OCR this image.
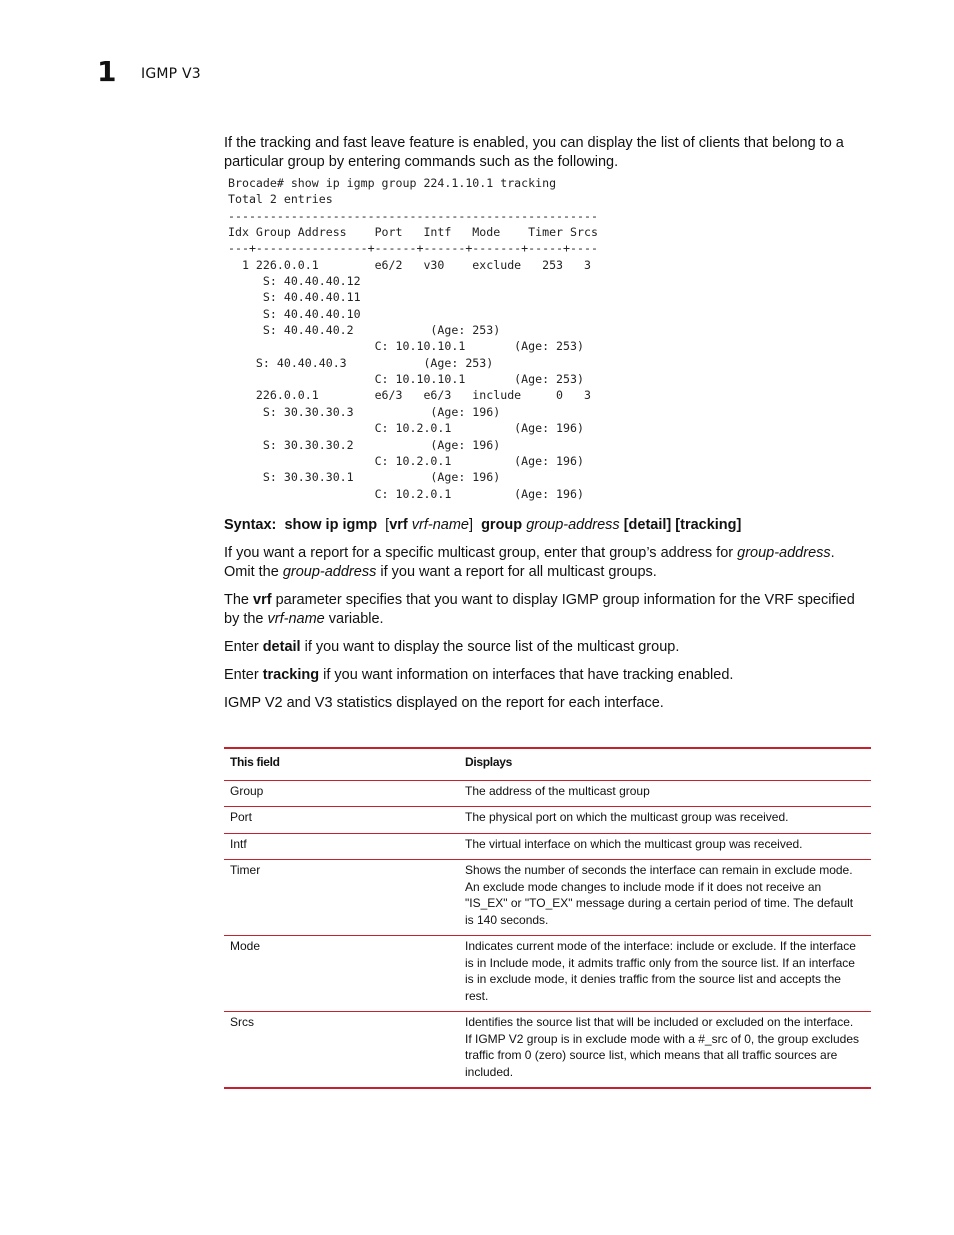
1 IGMP V3

If the tracking and fast leave feature is enabled, you can display the list of clients that belong to a particular group by entering commands such as the following.

Brocade# show ip igmp group 224.1.10.1 tracking
Total 2 entries
-----------------------------------------------------
Idx Group Address    Port   Intf   Mode    Timer Srcs
---+----------------+------+------+-------+-----+----
1 226.0.0.1        e6/2   v30    exclude   253   3
S: 40.40.40.12
S: 40.40.40.11
S: 40.40.40.10
S: 40.40.40.2           (Age: 253)
C: 10.10.10.1       (Age: 253)
S: 40.40.40.3           (Age: 253)
C: 10.10.10.1       (Age: 253)
226.0.0.1        e6/3   e6/3   include     0   3
S: 30.30.30.3           (Age: 196)
C: 10.2.0.1         (Age: 196)
S: 30.30.30.2           (Age: 196)
C: 10.2.0.1         (Age: 196)
S: 30.30.30.1           (Age: 196)
C: 10.2.0.1         (Age: 196)

Syntax: show ip igmp [vrf vrf-name] group group-address [detail] [tracking]

If you want a report for a specific multicast group, enter that group’s address for group-address. Omit the group-address if you want a report for all multicast groups.

The vrf parameter specifies that you want to display IGMP group information for the VRF specified by the vrf-name variable.

Enter detail if you want to display the source list of the multicast group.

Enter tracking if you want information on interfaces that have tracking enabled.

IGMP V2 and V3 statistics displayed on the report for each interface.

This field	Displays
Group	The address of the multicast group

Port	The physical port on which the multicast group was received.

Intf	The virtual interface on which the multicast group was received.

Timer	Shows the number of seconds the interface can remain in exclude mode. An exclude mode changes to include mode if it does not receive an "IS_EX" or "TO_EX" message during a certain period of time. The default is 140 seconds.

Mode	Indicates current mode of the interface: include or exclude. If the interface is in Include mode, it admits traffic only from the source list. If an interface is in exclude mode, it denies traffic from the source list and accepts the rest.

Srcs	Identifies the source list that will be included or excluded on the interface.
If IGMP V2 group is in exclude mode with a #_src of 0, the group excludes traffic from 0 (zero) source list, which means that all traffic sources are included.
